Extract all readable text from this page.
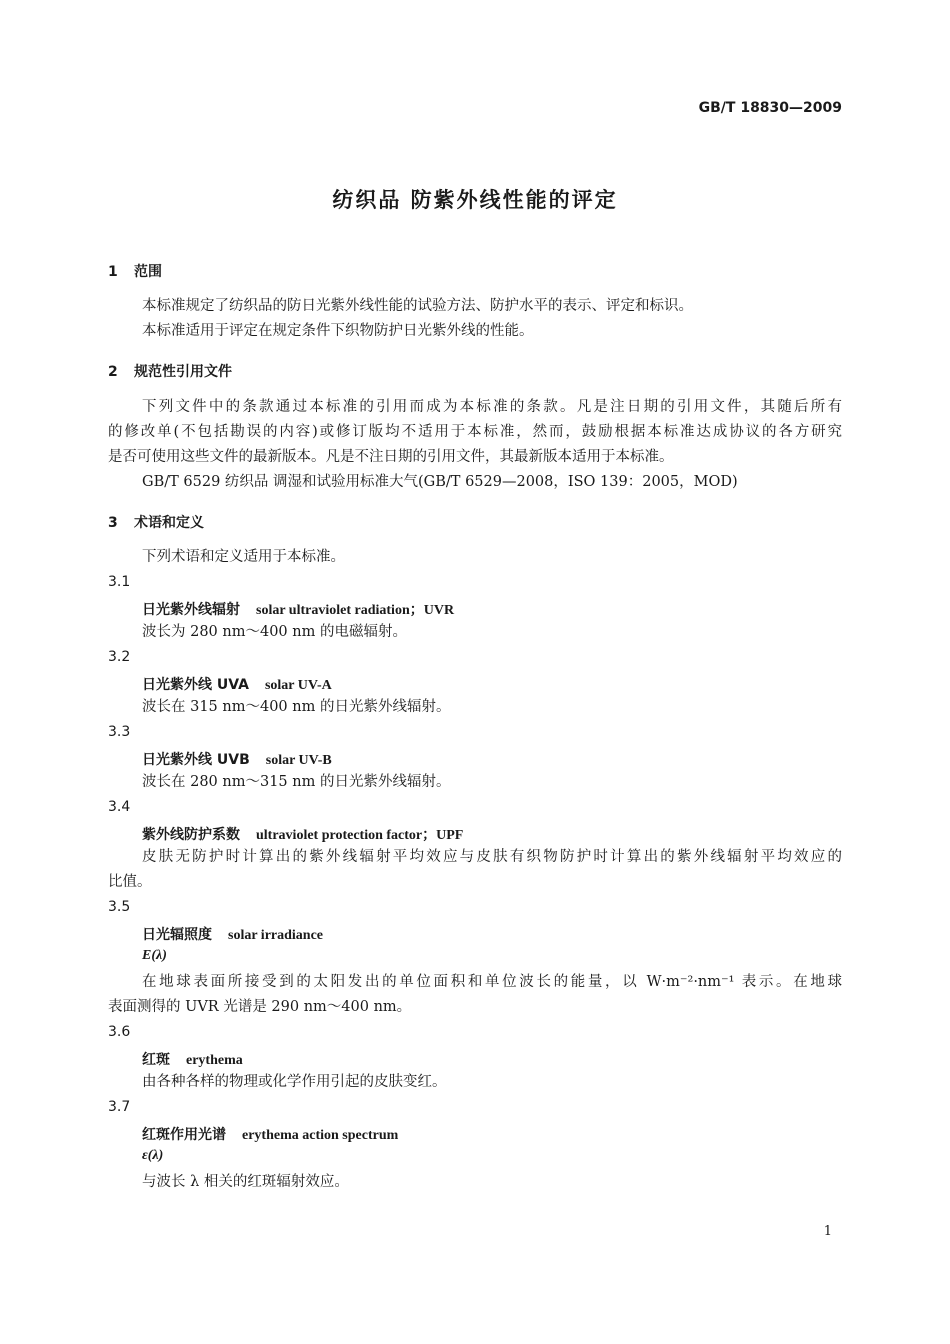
GB/T 18830—2009
纺织品 防紫外线性能的评定
1 范围
本标准规定了纺织品的防日光紫外线性能的试验方法、防护水平的表示、评定和标识。
本标准适用于评定在规定条件下织物防护日光紫外线的性能。
2 规范性引用文件
下列文件中的条款通过本标准的引用而成为本标准的条款。凡是注日期的引用文件，其随后所有
的修改单(不包括勘误的内容)或修订版均不适用于本标准，然而，鼓励根据本标准达成协议的各方研究
是否可使用这些文件的最新版本。凡是不注日期的引用文件，其最新版本适用于本标准。
GB/T 6529 纺织品 调湿和试验用标准大气(GB/T 6529—2008，ISO 139：2005，MOD)
3 术语和定义
下列术语和定义适用于本标准。
3.1
日光紫外线辐射 solar ultraviolet radiation；UVR
波长为 280 nm～400 nm 的电磁辐射。
3.2
日光紫外线 UVA solar UV-A
波长在 315 nm～400 nm 的日光紫外线辐射。
3.3
日光紫外线 UVB solar UV-B
波长在 280 nm～315 nm 的日光紫外线辐射。
3.4
紫外线防护系数 ultraviolet protection factor；UPF
皮肤无防护时计算出的紫外线辐射平均效应与皮肤有织物防护时计算出的紫外线辐射平均效应的
比值。
3.5
日光辐照度 solar irradiance
E(λ)
在地球表面所接受到的太阳发出的单位面积和单位波长的能量，以 W·m⁻²·nm⁻¹ 表示。在地球
表面测得的 UVR 光谱是 290 nm～400 nm。
3.6
红斑 erythema
由各种各样的物理或化学作用引起的皮肤变红。
3.7
红斑作用光谱 erythema action spectrum
ε(λ)
与波长 λ 相关的红斑辐射效应。
1
